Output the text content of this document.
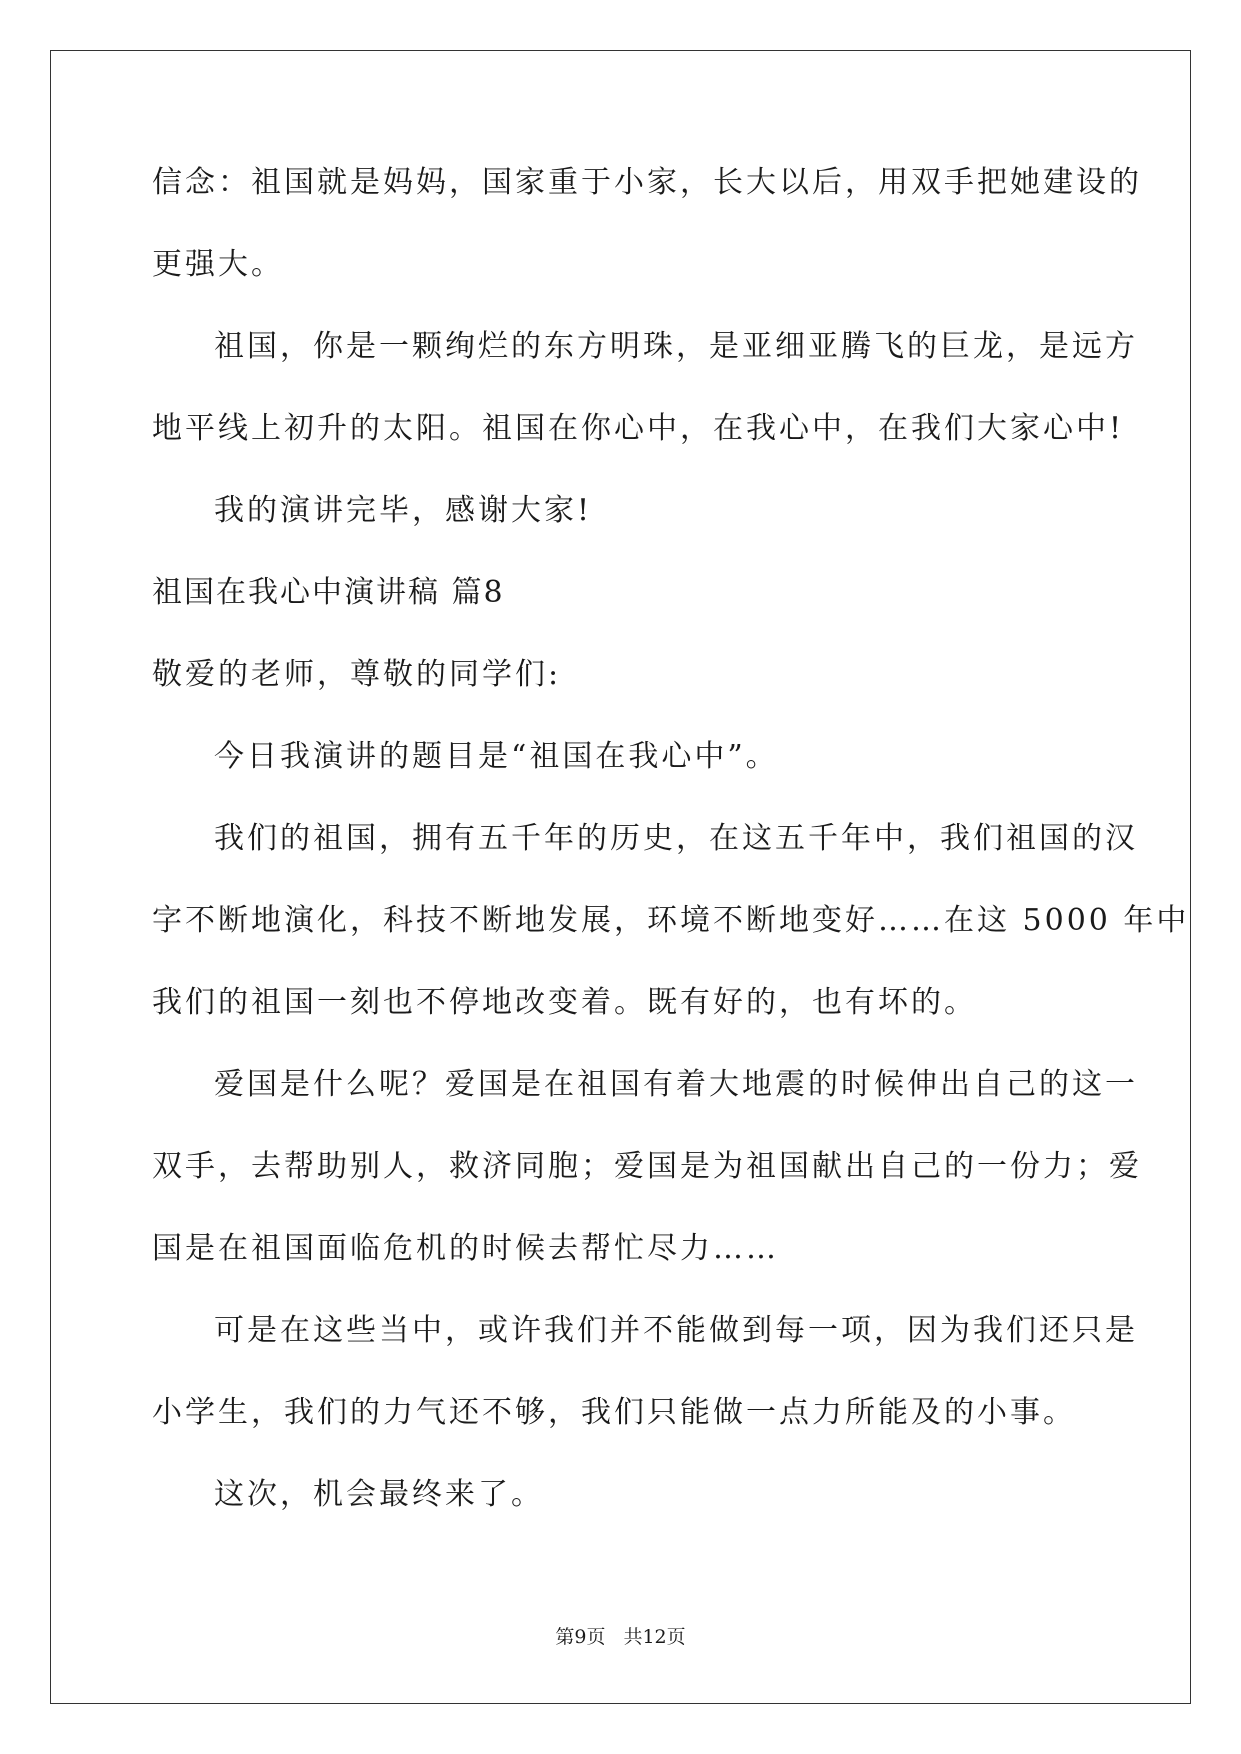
信念：祖国就是妈妈，国家重于小家，长大以后，用双手把她建设的
更强大。
祖国，你是一颗绚烂的东方明珠，是亚细亚腾飞的巨龙，是远方
地平线上初升的太阳。祖国在你心中，在我心中，在我们大家心中!
我的演讲完毕，感谢大家!
祖国在我心中演讲稿 篇8
敬爱的老师，尊敬的同学们:
今日我演讲的题目是“祖国在我心中”。
我们的祖国，拥有五千年的历史，在这五千年中，我们祖国的汉
字不断地演化，科技不断地发展，环境不断地变好……在这 5000 年中
我们的祖国一刻也不停地改变着。既有好的，也有坏的。
爱国是什么呢？爱国是在祖国有着大地震的时候伸出自己的这一
双手，去帮助别人，救济同胞；爱国是为祖国献出自己的一份力；爱
国是在祖国面临危机的时候去帮忙尽力……
可是在这些当中，或许我们并不能做到每一项，因为我们还只是
小学生，我们的力气还不够，我们只能做一点力所能及的小事。
这次，机会最终来了。
第9页 共12页
